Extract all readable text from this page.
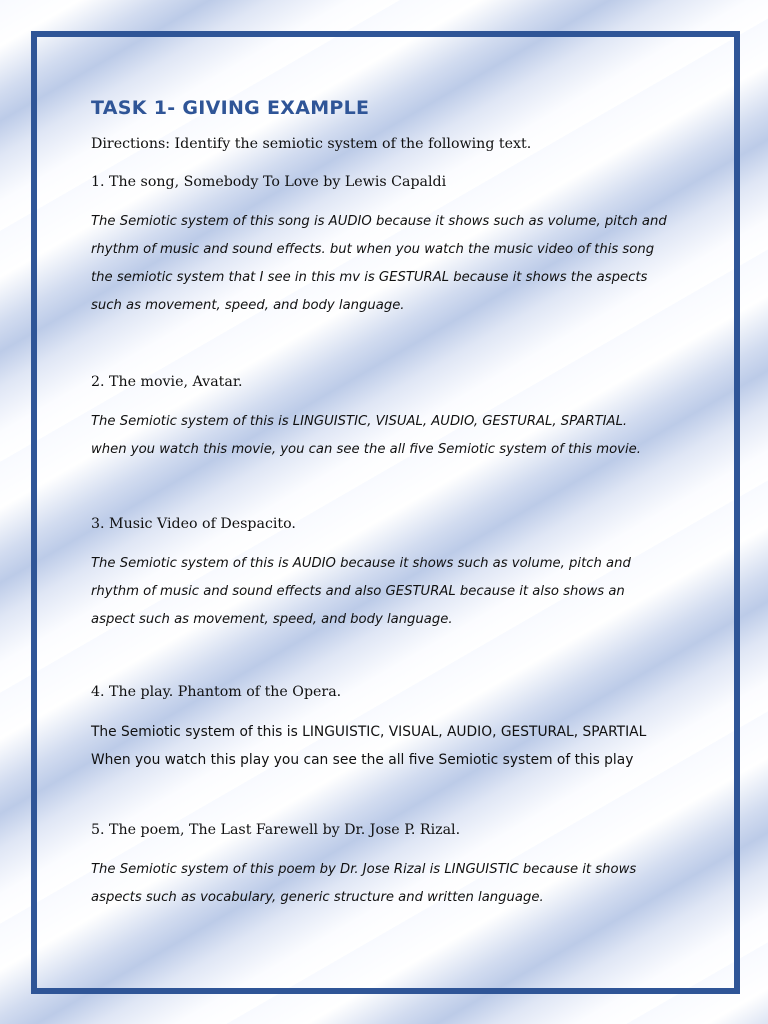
TASK 1- GIVING EXAMPLE

Directions: Identify the semiotic system of the following text.

1. The song, Somebody To Love by Lewis Capaldi

The Semiotic system of this song is AUDIO because it shows such as volume, pitch and
rhythm of music and sound effects. but when you watch the music video of this song
the semiotic system that I see in this mv is GESTURAL because it shows the aspects
such as movement, speed, and body language.

2. The movie, Avatar.

The Semiotic system of this is LINGUISTIC, VISUAL, AUDIO, GESTURAL, SPARTIAL.
when you watch this movie, you can see the all five Semiotic system of this movie.

3. Music Video of Despacito.

The Semiotic system of this is AUDIO because it shows such as volume, pitch and
rhythm of music and sound effects and also GESTURAL because it also shows an
aspect such as movement, speed, and body language.

4. The play. Phantom of the Opera.

The Semiotic system of this is LINGUISTIC, VISUAL, AUDIO, GESTURAL, SPARTIAL
When you watch this play you can see the all five Semiotic system of this play

5. The poem, The Last Farewell by Dr. Jose P. Rizal.

The Semiotic system of this poem by Dr. Jose Rizal is LINGUISTIC because it shows
aspects such as vocabulary, generic structure and written language.
